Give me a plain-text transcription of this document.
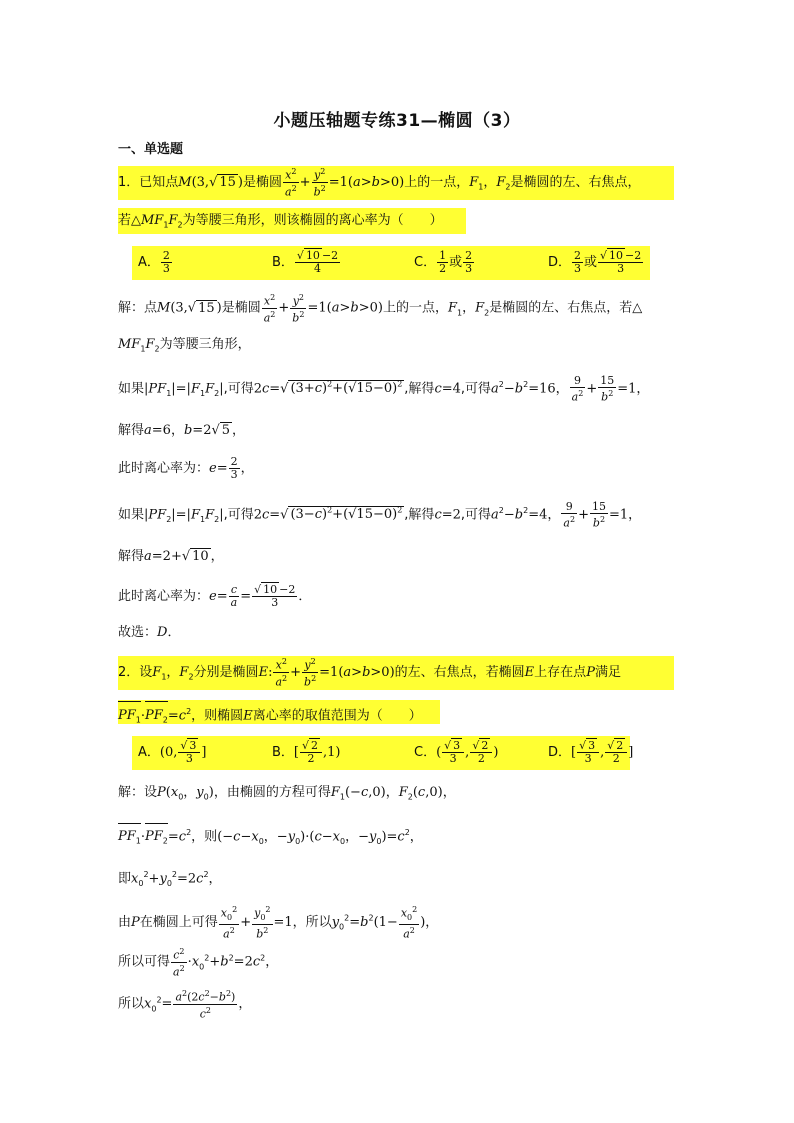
小题压轴题专练31—椭圆（3）
一、单选题
1．已知点M(3,√ 15 )是椭圆 $\frac{x^2}{a^2} + \frac{y^2}{b^2} =1(a>b>0)$上的一点，$F_1$，$F_2$是椭圆的左、右焦点，
若$\triangle MF_1F_2$为等腰三角形，则该椭圆的离心率为（　　）
A． $\frac{2}{3}$	B． $\frac{√ 10 -2}{4}$	C． $\frac{1}{2}$ 或 $\frac{2}{3}$	D． $\frac{2}{3}$ 或 $\frac{√ 10 -2}{3}$
解：点M(3,√ 15 )是椭圆 $\frac{x^2}{a^2} + \frac{y^2}{b^2} =1(a>b>0)$上的一点，$F_1$，$F_2$是椭圆的左、右焦点，若△
$MF_1F_2$为等腰三角形，
如果$|PF_1|=|F_1F_2|$,可得2c=√ $(3+c)^2+(√15-0)^2$ ,解得c=4,可得$a^2-b^2=16$， $\frac{9}{a^2} + \frac{15}{b^2} =1$，
解得a=6，b=2√ 5 ，
此时离心率为：$e= \frac{2}{3}$ ，
如果$|PF_2|=|F_1F_2|$,可得2c=√ $(3-c)^2+(√15-0)^2$ ,解得c=2,可得$a^2-b^2=4$， $\frac{9}{a^2} + \frac{15}{b^2} =1$，
解得a=2+√ 10 ，
此时离心率为：$e= \frac{c}{a} = \frac{√ 10 -2}{3}$ ．
故选：D．
2．设$F_1$，$F_2$分别是椭圆E: $\frac{x^2}{a^2} + \frac{y^2}{b^2} =1(a>b>0)$的左、右焦点，若椭圆E上存在点P满足
$PF_1\cdot PF_2=c^2$，则椭圆E离心率的取值范围为（　　）
A．(0, $\frac{√ 3}{3}$ ]	B．[ $\frac{√ 2}{2} ,1$)	C．( $\frac{√ 3}{3}$ , $\frac{√ 2}{2}$ )	D．[ $\frac{√ 3}{3}$ , $\frac{√ 2}{2}$ ]
解：设$P(x_0$，$y_0$)，由椭圆的方程可得$F_1(-c,0)$，$F_2(c,0)$，
$PF_1\cdot PF_2=c^2$，则($-c-x_0$，$-y_0)\cdot(c-x_0$，$-y_0)=c^2$，
即$x_0^2+y_0^2=2c^2$，
由P在椭圆上可得 $\frac{x_0^2}{a^2} + \frac{y_0^2}{b^2} =1$，所以$y_0^2=b^2(1- \frac{x_0^2}{a^2}$ )，
所以可得 $\frac{c^2}{a^2} \cdot x_0^2+b^2=2c^2$，
所以$x_0^2= \frac{a^2(2c^2-b^2)}{c^2}$ ，
